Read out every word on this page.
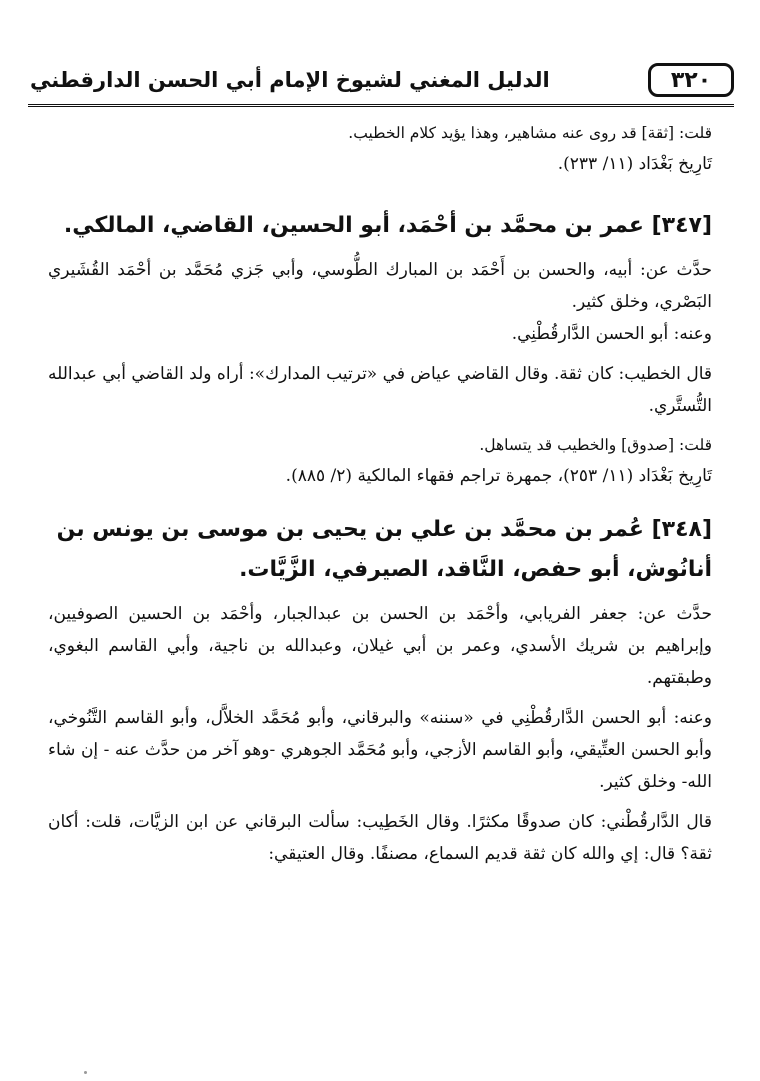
٣٢٠
الدليل المغني لشيوخ الإمام أبي الحسن الدارقطني

قلت: [ثقة] قد روى عنه مشاهير، وهذا يؤيد كلام الخطيب.

تَارِيخ بَغْدَاد (١١/ ٢٣٣).

[٣٤٧] عمر بن محمَّد بن أحْمَد، أبو الحسين، القاضي، المالكي.

حدَّث عن: أبيه، والحسن بن أَحْمَد بن المبارك الطُّوسي، وأبي جَزي مُحَمَّد بن أحْمَد القُشَيري البَصْري، وخلق كثير.

وعنه: أبو الحسن الدَّارقُطْنِي.

قال الخطيب: كان ثقة. وقال القاضي عياض في «ترتيب المدارك»: أراه ولد القاضي أبي عبدالله التُّستَّري.

قلت: [صدوق] والخطيب قد يتساهل.

تَارِيخ بَغْدَاد (١١/ ٢٥٣)، جمهرة تراجم فقهاء المالكية (٢/ ٨٨٥).

[٣٤٨] عُمر بن محمَّد بن علي بن يحيى بن موسى بن يونس بن أنانُوش، أبو حفص، النَّاقد، الصيرفي، الزَّيَّات.

حدَّث عن: جعفر الفريابي، وأحْمَد بن الحسن بن عبدالجبار، وأحْمَد بن الحسين الصوفيين، وإبراهيم بن شريك الأسدي، وعمر بن أبي غيلان، وعبدالله بن ناجية، وأبي القاسم البغوي، وطبقتهم.

وعنه: أبو الحسن الدَّارقُطْنِي في «سننه» والبرقاني، وأبو مُحَمَّد الخلاَّل، وأبو القاسم التَّنُوخي، وأبو الحسن العتِّيقي، وأبو القاسم الأزجي، وأبو مُحَمَّد الجوهري -وهو آخر من حدَّث عنه - إن شاء الله- وخلق كثير.

قال الدَّارقُطْني: كان صدوقًا مكثرًا. وقال الخَطِيب: سألت البرقاني عن ابن الزيَّات، قلت: أكان ثقة؟ قال: إي والله كان ثقة قديم السماع، مصنفًا. وقال العتيقي:
